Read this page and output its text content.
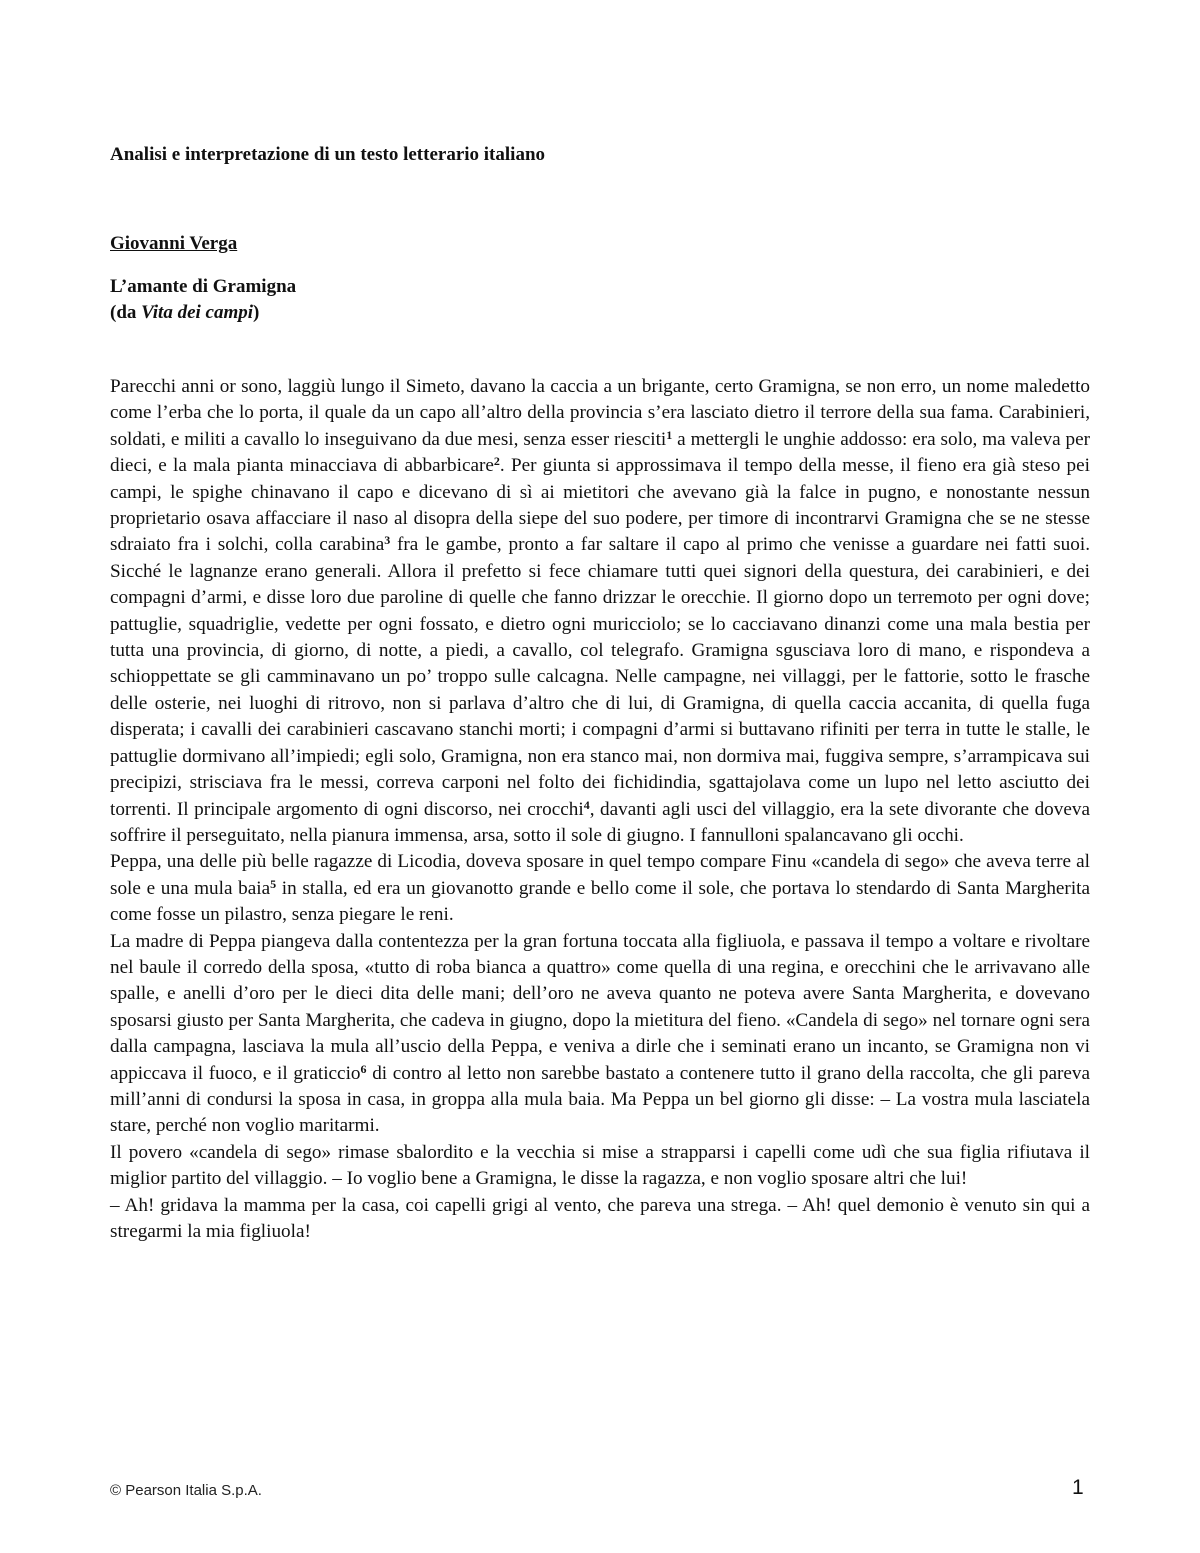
Analisi e interpretazione di un testo letterario italiano
Giovanni Verga
L’amante di Gramigna
(da Vita dei campi)

Parecchi anni or sono, laggiù lungo il Simeto, davano la caccia a un brigante, certo Gramigna, se non erro, un nome maledetto come l’erba che lo porta, il quale da un capo all’altro della provincia s’era lasciato dietro il terrore della sua fama. Carabinieri, soldati, e militi a cavallo lo inseguivano da due mesi, senza esser riesciti$^1$ a mettergli le unghie addosso: era solo, ma valeva per dieci, e la mala pianta minacciava di abbarbicare$^2$. Per giunta si approssimava il tempo della messe, il fieno era già steso pei campi, le spighe chinavano il capo e dicevano di sì ai mietitori che avevano già la falce in pugno, e nonostante nessun proprietario osava affacciare il naso al disopra della siepe del suo podere, per timore di incontrarvi Gramigna che se ne stesse sdraiato fra i solchi, colla carabina$^3$ fra le gambe, pronto a far saltare il capo al primo che venisse a guardare nei fatti suoi. Sicché le lagnanze erano generali. Allora il prefetto si fece chiamare tutti quei signori della questura, dei carabinieri, e dei compagni d’armi, e disse loro due paroline di quelle che fanno drizzar le orecchie. Il giorno dopo un terremoto per ogni dove; pattuglie, squadriglie, vedette per ogni fossato, e dietro ogni muricciolo; se lo cacciavano dinanzi come una mala bestia per tutta una provincia, di giorno, di notte, a piedi, a cavallo, col telegrafo. Gramigna sgusciava loro di mano, e rispondeva a schioppettate se gli camminavano un po’ troppo sulle calcagna. Nelle campagne, nei villaggi, per le fattorie, sotto le frasche delle osterie, nei luoghi di ritrovo, non si parlava d’altro che di lui, di Gramigna, di quella caccia accanita, di quella fuga disperata; i cavalli dei carabinieri cascavano stanchi morti; i compagni d’armi si buttavano rifiniti per terra in tutte le stalle, le pattuglie dormivano all’impiedi; egli solo, Gramigna, non era stanco mai, non dormiva mai, fuggiva sempre, s’arrampicava sui precipizi, strisciava fra le messi, correva carponi nel folto dei fichidindia, sgattajolava come un lupo nel letto asciutto dei torrenti. Il principale argomento di ogni discorso, nei crocchi$^4$, davanti agli usci del villaggio, era la sete divorante che doveva soffrire il perseguitato, nella pianura immensa, arsa, sotto il sole di giugno. I fannulloni spalancavano gli occhi.

Peppa, una delle più belle ragazze di Licodia, doveva sposare in quel tempo compare Finu «candela di sego» che aveva terre al sole e una mula baia$^5$ in stalla, ed era un giovanotto grande e bello come il sole, che portava lo stendardo di Santa Margherita come fosse un pilastro, senza piegare le reni.

La madre di Peppa piangeva dalla contentezza per la gran fortuna toccata alla figliuola, e passava il tempo a voltare e rivoltare nel baule il corredo della sposa, «tutto di roba bianca a quattro» come quella di una regina, e orecchini che le arrivavano alle spalle, e anelli d’oro per le dieci dita delle mani; dell’oro ne aveva quanto ne poteva avere Santa Margherita, e dovevano sposarsi giusto per Santa Margherita, che cadeva in giugno, dopo la mietitura del fieno. «Candela di sego» nel tornare ogni sera dalla campagna, lasciava la mula all’uscio della Peppa, e veniva a dirle che i seminati erano un incanto, se Gramigna non vi appiccava il fuoco, e il graticcio$^6$ di contro al letto non sarebbe bastato a contenere tutto il grano della raccolta, che gli pareva mill’anni di condursi la sposa in casa, in groppa alla mula baia. Ma Peppa un bel giorno gli disse: – La vostra mula lasciatela stare, perché non voglio maritarmi.

Il povero «candela di sego» rimase sbalordito e la vecchia si mise a strapparsi i capelli come udì che sua figlia rifiutava il miglior partito del villaggio. – Io voglio bene a Gramigna, le disse la ragazza, e non voglio sposare altri che lui!

– Ah! gridava la mamma per la casa, coi capelli grigi al vento, che pareva una strega. – Ah! quel demonio è venuto sin qui a stregarmi la mia figliuola!

© Pearson Italia S.p.A.	1
